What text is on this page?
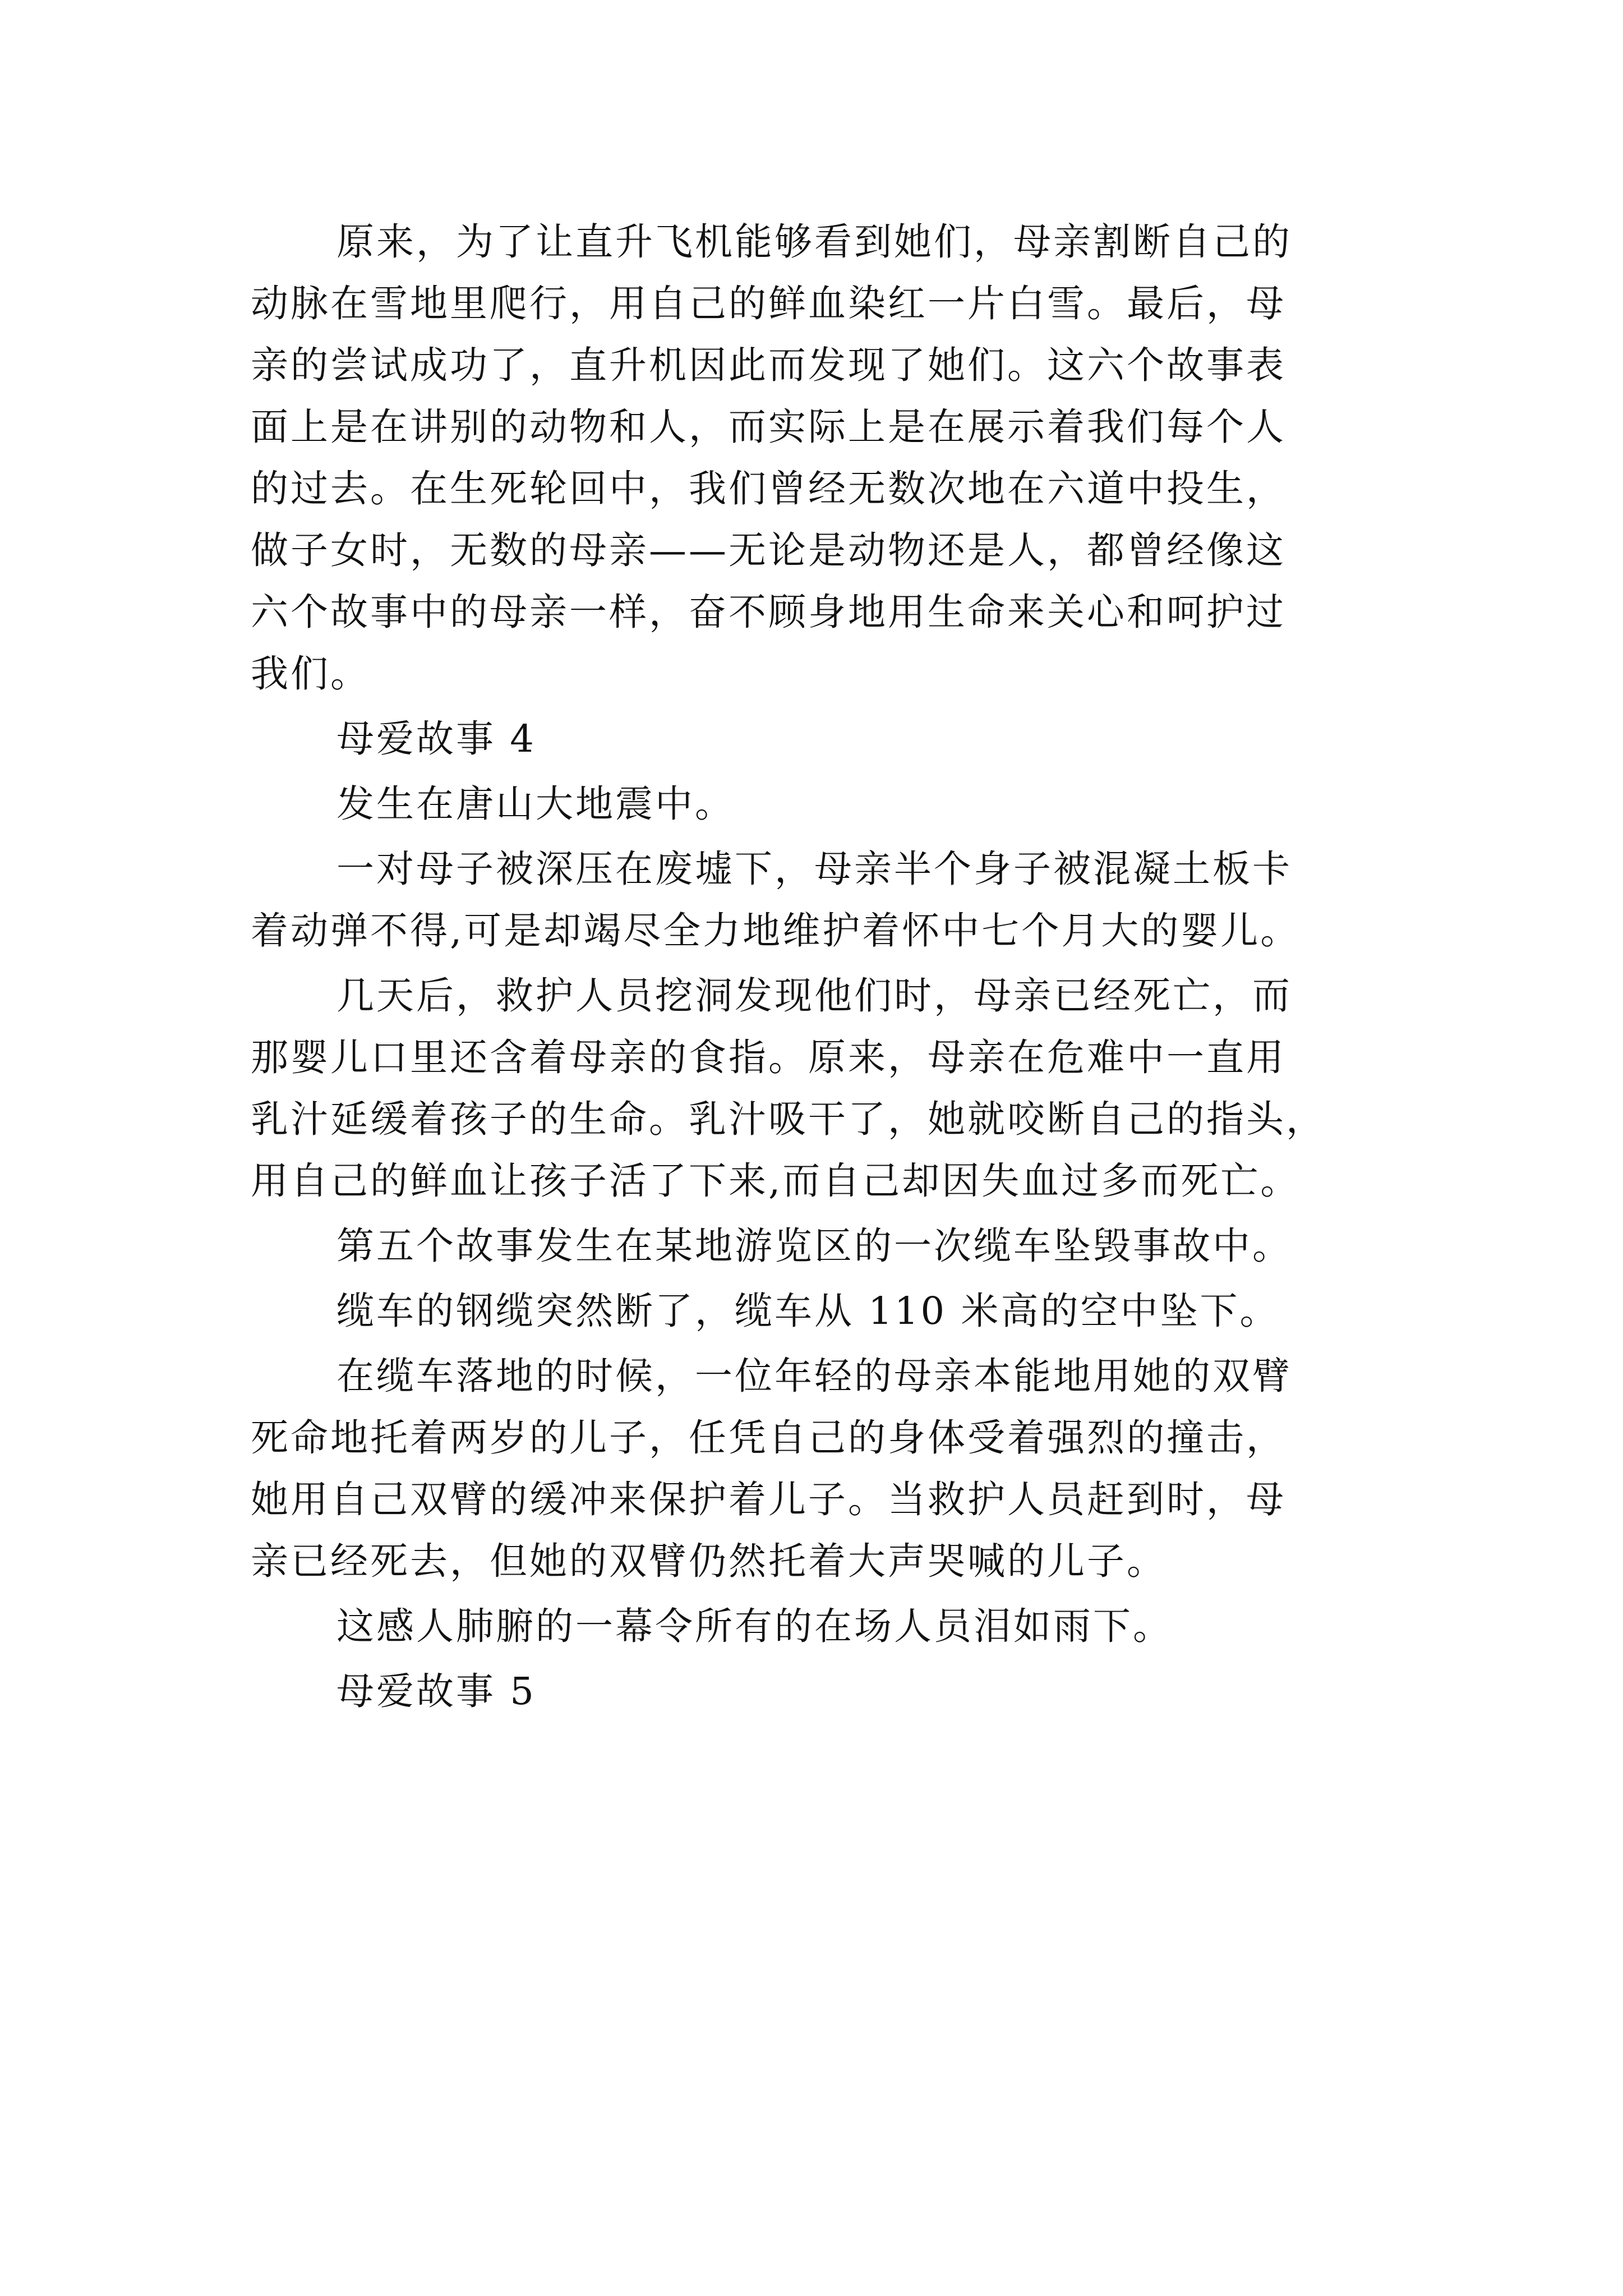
原来，为了让直升飞机能够看到她们，母亲割断自己的
动脉在雪地里爬行，用自己的鲜血染红一片白雪。最后，母
亲的尝试成功了，直升机因此而发现了她们。这六个故事表
面上是在讲别的动物和人，而实际上是在展示着我们每个人
的过去。在生死轮回中，我们曾经无数次地在六道中投生，
做子女时，无数的母亲——无论是动物还是人，都曾经像这
六个故事中的母亲一样，奋不顾身地用生命来关心和呵护过
我们。
母爱故事 4
发生在唐山大地震中。
一对母子被深压在废墟下，母亲半个身子被混凝土板卡
着动弹不得,可是却竭尽全力地维护着怀中七个月大的婴儿。
几天后，救护人员挖洞发现他们时，母亲已经死亡，而
那婴儿口里还含着母亲的食指。原来，母亲在危难中一直用
乳汁延缓着孩子的生命。乳汁吸干了，她就咬断自己的指头，
用自己的鲜血让孩子活了下来,而自己却因失血过多而死亡。
第五个故事发生在某地游览区的一次缆车坠毁事故中。
缆车的钢缆突然断了，缆车从 110 米高的空中坠下。
在缆车落地的时候，一位年轻的母亲本能地用她的双臂
死命地托着两岁的儿子，任凭自己的身体受着强烈的撞击，
她用自己双臂的缓冲来保护着儿子。当救护人员赶到时，母
亲已经死去，但她的双臂仍然托着大声哭喊的儿子。
这感人肺腑的一幕令所有的在场人员泪如雨下。
母爱故事 5
